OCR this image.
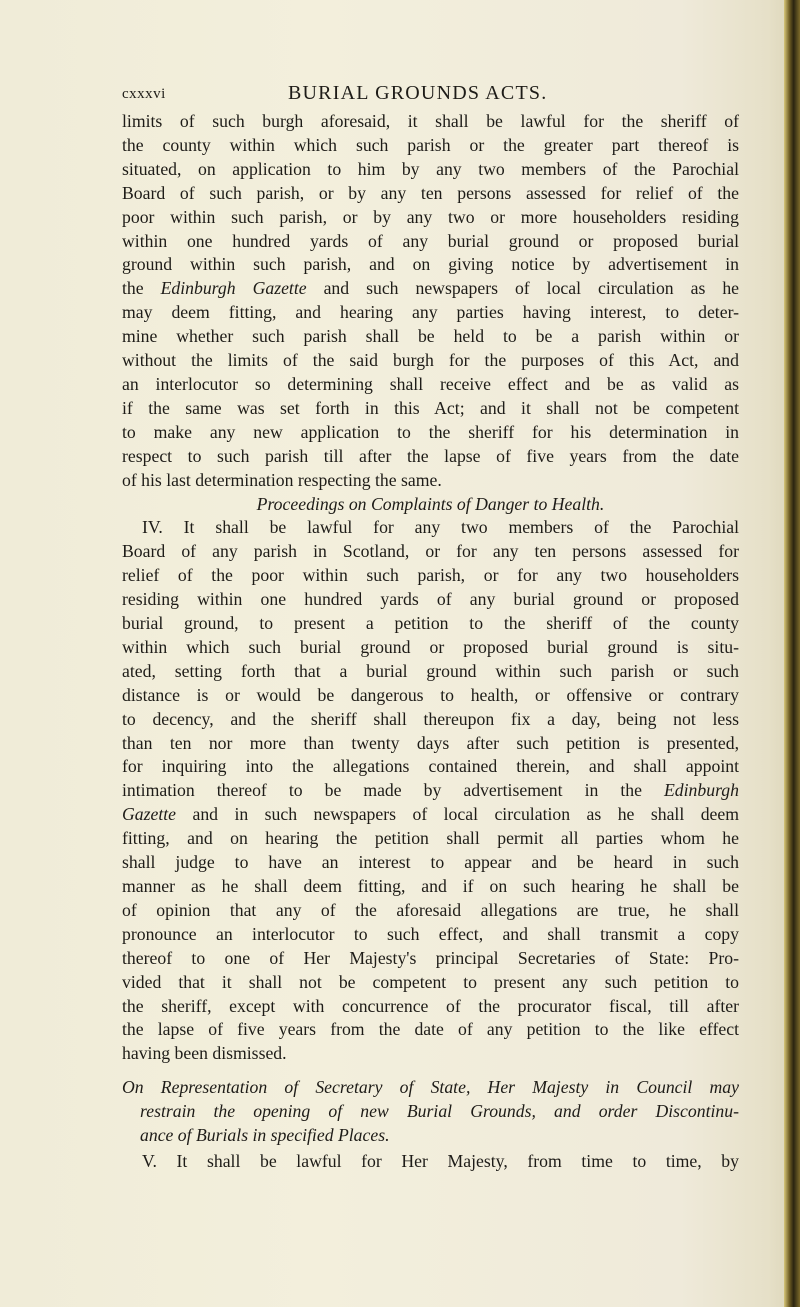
cxxxvi	BURIAL GROUNDS ACTS.

limits of such burgh aforesaid, it shall be lawful for the sheriff of

the county within which such parish or the greater part thereof is

situated, on application to him by any two members of the Parochial

Board of such parish, or by any ten persons assessed for relief of the

poor within such parish, or by any two or more householders residing

within one hundred yards of any burial ground or proposed burial

ground within such parish, and on giving notice by advertisement in

the Edinburgh Gazette and such newspapers of local circulation as he

may deem fitting, and hearing any parties having interest, to deter-

mine whether such parish shall be held to be a parish within or

without the limits of the said burgh for the purposes of this Act, and

an interlocutor so determining shall receive effect and be as valid as

if the same was set forth in this Act; and it shall not be competent

to make any new application to the sheriff for his determination in

respect to such parish till after the lapse of five years from the date

of his last determination respecting the same.

Proceedings on Complaints of Danger to Health.

IV. It shall be lawful for any two members of the Parochial

Board of any parish in Scotland, or for any ten persons assessed for

relief of the poor within such parish, or for any two householders

residing within one hundred yards of any burial ground or proposed

burial ground, to present a petition to the sheriff of the county

within which such burial ground or proposed burial ground is situ-

ated, setting forth that a burial ground within such parish or such

distance is or would be dangerous to health, or offensive or contrary

to decency, and the sheriff shall thereupon fix a day, being not less

than ten nor more than twenty days after such petition is presented,

for inquiring into the allegations contained therein, and shall appoint

intimation thereof to be made by advertisement in the Edinburgh

Gazette and in such newspapers of local circulation as he shall deem

fitting, and on hearing the petition shall permit all parties whom he

shall judge to have an interest to appear and be heard in such

manner as he shall deem fitting, and if on such hearing he shall be

of opinion that any of the aforesaid allegations are true, he shall

pronounce an interlocutor to such effect, and shall transmit a copy

thereof to one of Her Majesty's principal Secretaries of State: Pro-

vided that it shall not be competent to present any such petition to

the sheriff, except with concurrence of the procurator fiscal, till after

the lapse of five years from the date of any petition to the like effect

having been dismissed.

On Representation of Secretary of State, Her Majesty in Council may

restrain the opening of new Burial Grounds, and order Discontinu-

ance of Burials in specified Places.

V. It shall be lawful for Her Majesty, from time to time, by
